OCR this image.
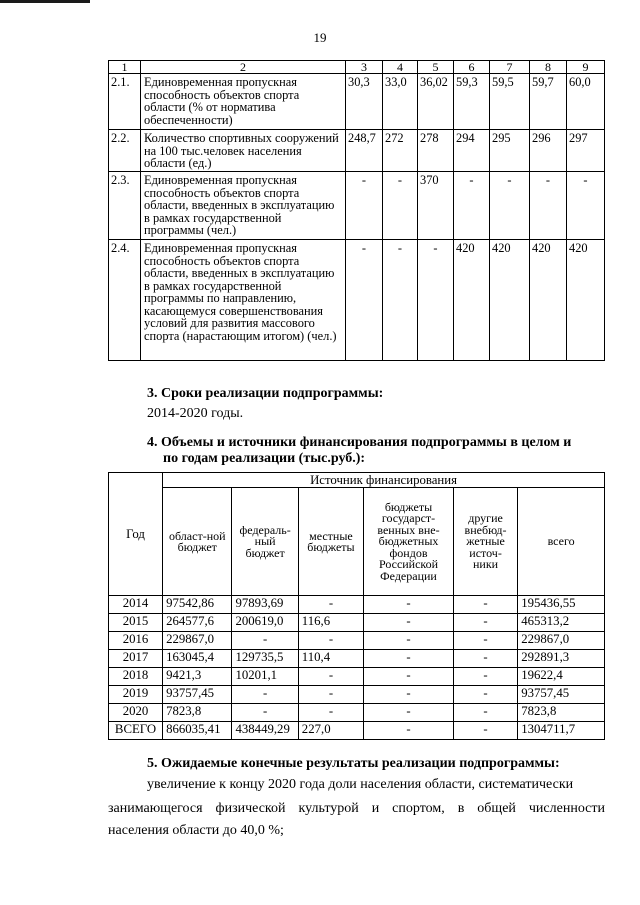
19
1	2	3	4	5	6	7	8	9
2.1.	Единовременная пропускная способность объектов спорта области (% от норматива обеспеченности)	30,3	33,0	36,02	59,3	59,5	59,7	60,0
2.2.	Количество спортивных сооружений на 100 тыс.человек населения области (ед.)	248,7	272	278	294	295	296	297
2.3.	Единовременная пропускная способность объектов спорта области, введенных в эксплуатацию в рамках государственной программы (чел.)	-	-	370	-	-	-	-
2.4.	Единовременная пропускная способность объектов спорта области, введенных в эксплуатацию в рамках государственной программы по направлению, касающемуся совершенствования условий для развития массового спорта (нарастающим итогом) (чел.)	-	-	-	420	420	420	420
3. Сроки реализации подпрограммы:
2014-2020 годы.
4. Объемы и источники финансирования подпрограммы в целом и
по годам реализации (тыс.руб.):
Год	Источник финансирования					
	област-ной бюджет	федераль-ный бюджет	местные бюджеты	бюджеты государст-венных вне-бюджетных фондов Российской Федерации	другие внебюд-жетные источ-ники	всего
2014	97542,86	97893,69	-	-	-	195436,55
2015	264577,6	200619,0	116,6	-	-	465313,2
2016	229867,0	-	-	-	-	229867,0
2017	163045,4	129735,5	110,4	-	-	292891,3
2018	9421,3	10201,1	-	-	-	19622,4
2019	93757,45	-	-	-	-	93757,45
2020	7823,8	-	-	-	-	7823,8
ВСЕГО	866035,41	438449,29	227,0	-	-	1304711,7
5. Ожидаемые конечные результаты реализации подпрограммы:
увеличение к концу 2020 года доли населения области, систематически
занимающегося физической культурой и спортом, в общей численности
населения области до 40,0 %;
